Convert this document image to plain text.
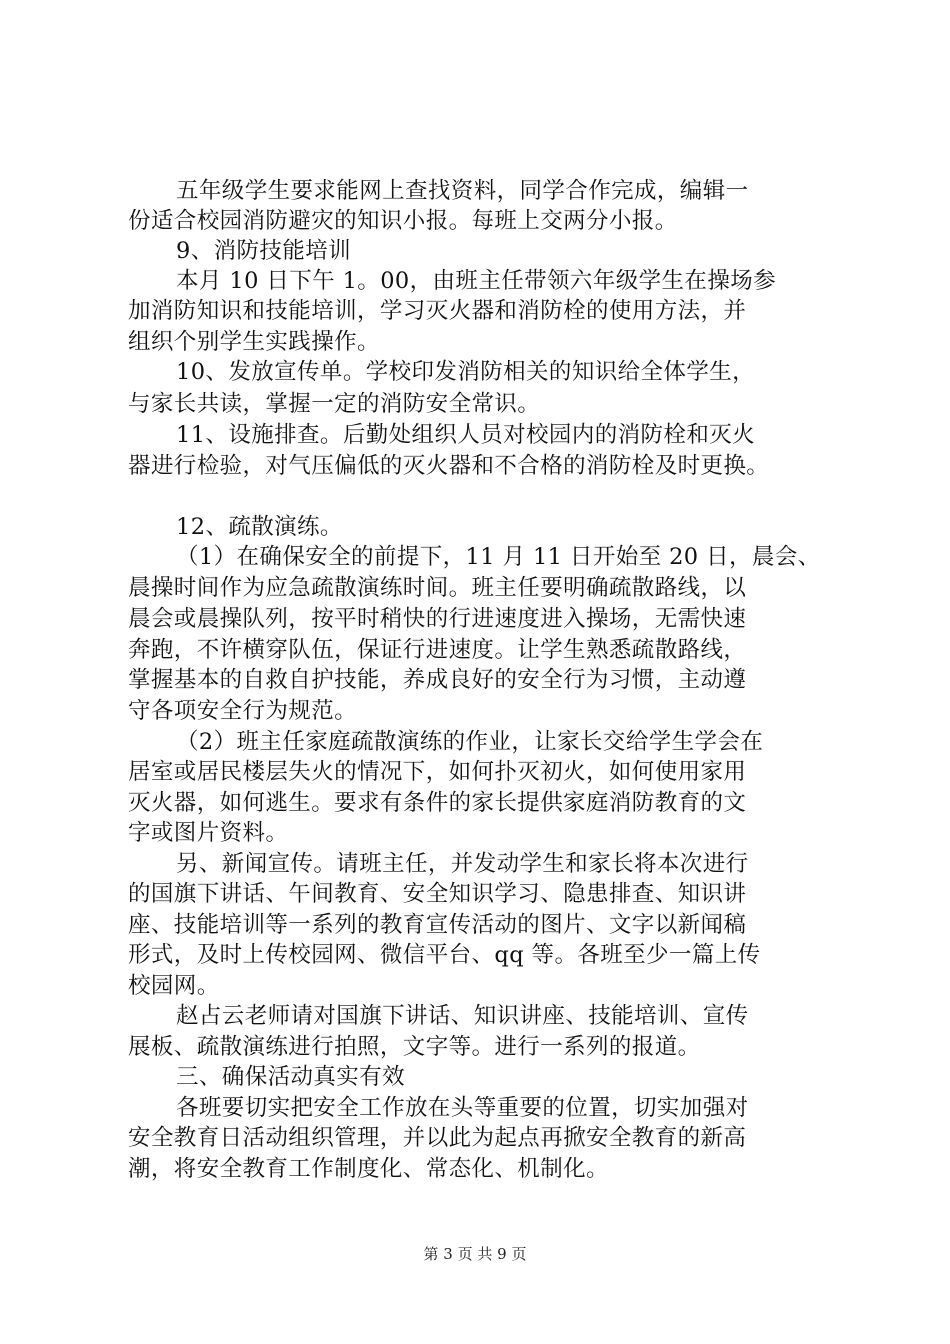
五年级学生要求能网上查找资料，同学合作完成，编辑一
份适合校园消防避灾的知识小报。每班上交两分小报。
9、消防技能培训
本月 10 日下午 1。00，由班主任带领六年级学生在操场参
加消防知识和技能培训，学习灭火器和消防栓的使用方法，并
组织个别学生实践操作。
10、发放宣传单。学校印发消防相关的知识给全体学生，
与家长共读，掌握一定的消防安全常识。
11、设施排查。后勤处组织人员对校园内的消防栓和灭火
器进行检验，对气压偏低的灭火器和不合格的消防栓及时更换。
12、疏散演练。
（1）在确保安全的前提下，11 月 11 日开始至 20 日，晨会、
晨操时间作为应急疏散演练时间。班主任要明确疏散路线，以
晨会或晨操队列，按平时稍快的行进速度进入操场，无需快速
奔跑，不许横穿队伍，保证行进速度。让学生熟悉疏散路线，
掌握基本的自救自护技能，养成良好的安全行为习惯，主动遵
守各项安全行为规范。
（2）班主任家庭疏散演练的作业，让家长交给学生学会在
居室或居民楼层失火的情况下，如何扑灭初火，如何使用家用
灭火器，如何逃生。要求有条件的家长提供家庭消防教育的文
字或图片资料。
另、新闻宣传。请班主任，并发动学生和家长将本次进行
的国旗下讲话、午间教育、安全知识学习、隐患排查、知识讲
座、技能培训等一系列的教育宣传活动的图片、文字以新闻稿
形式，及时上传校园网、微信平台、qq 等。各班至少一篇上传
校园网。
赵占云老师请对国旗下讲话、知识讲座、技能培训、宣传
展板、疏散演练进行拍照，文字等。进行一系列的报道。
三、确保活动真实有效
各班要切实把安全工作放在头等重要的位置，切实加强对
安全教育日活动组织管理，并以此为起点再掀安全教育的新高
潮，将安全教育工作制度化、常态化、机制化。
第 3 页 共 9 页
